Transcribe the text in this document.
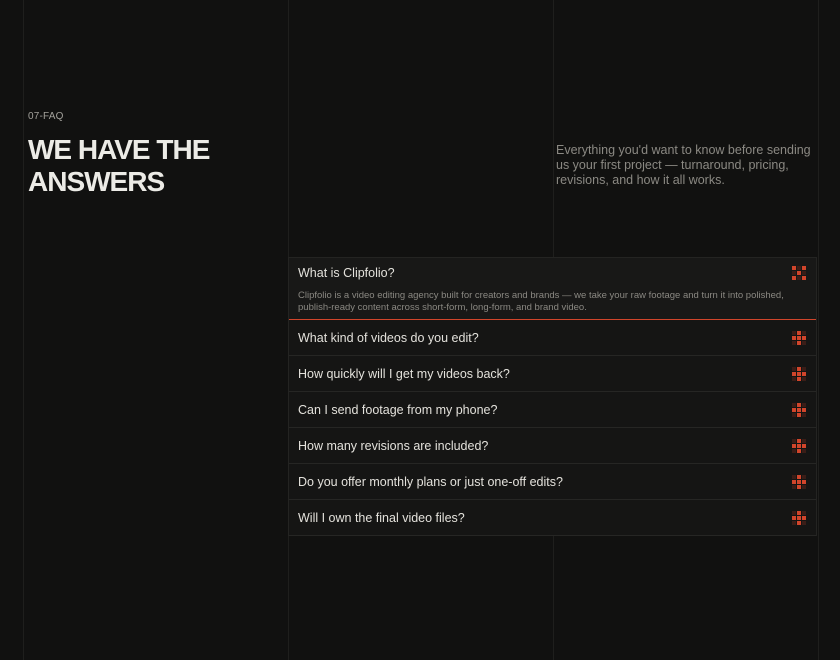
07-FAQ
WE HAVE THE
ANSWERS

Everything you'd want to know before sending us your first project — turnaround, pricing, revisions, and how it all works.

What is Clipfolio?

Clipfolio is a video editing agency built for creators and brands — we take your raw footage and turn it into polished, publish-ready content across short-form, long-form, and brand video.

What kind of videos do you edit?
How quickly will I get my videos back?
Can I send footage from my phone?
How many revisions are included?
Do you offer monthly plans or just one-off edits?
Will I own the final video files?
